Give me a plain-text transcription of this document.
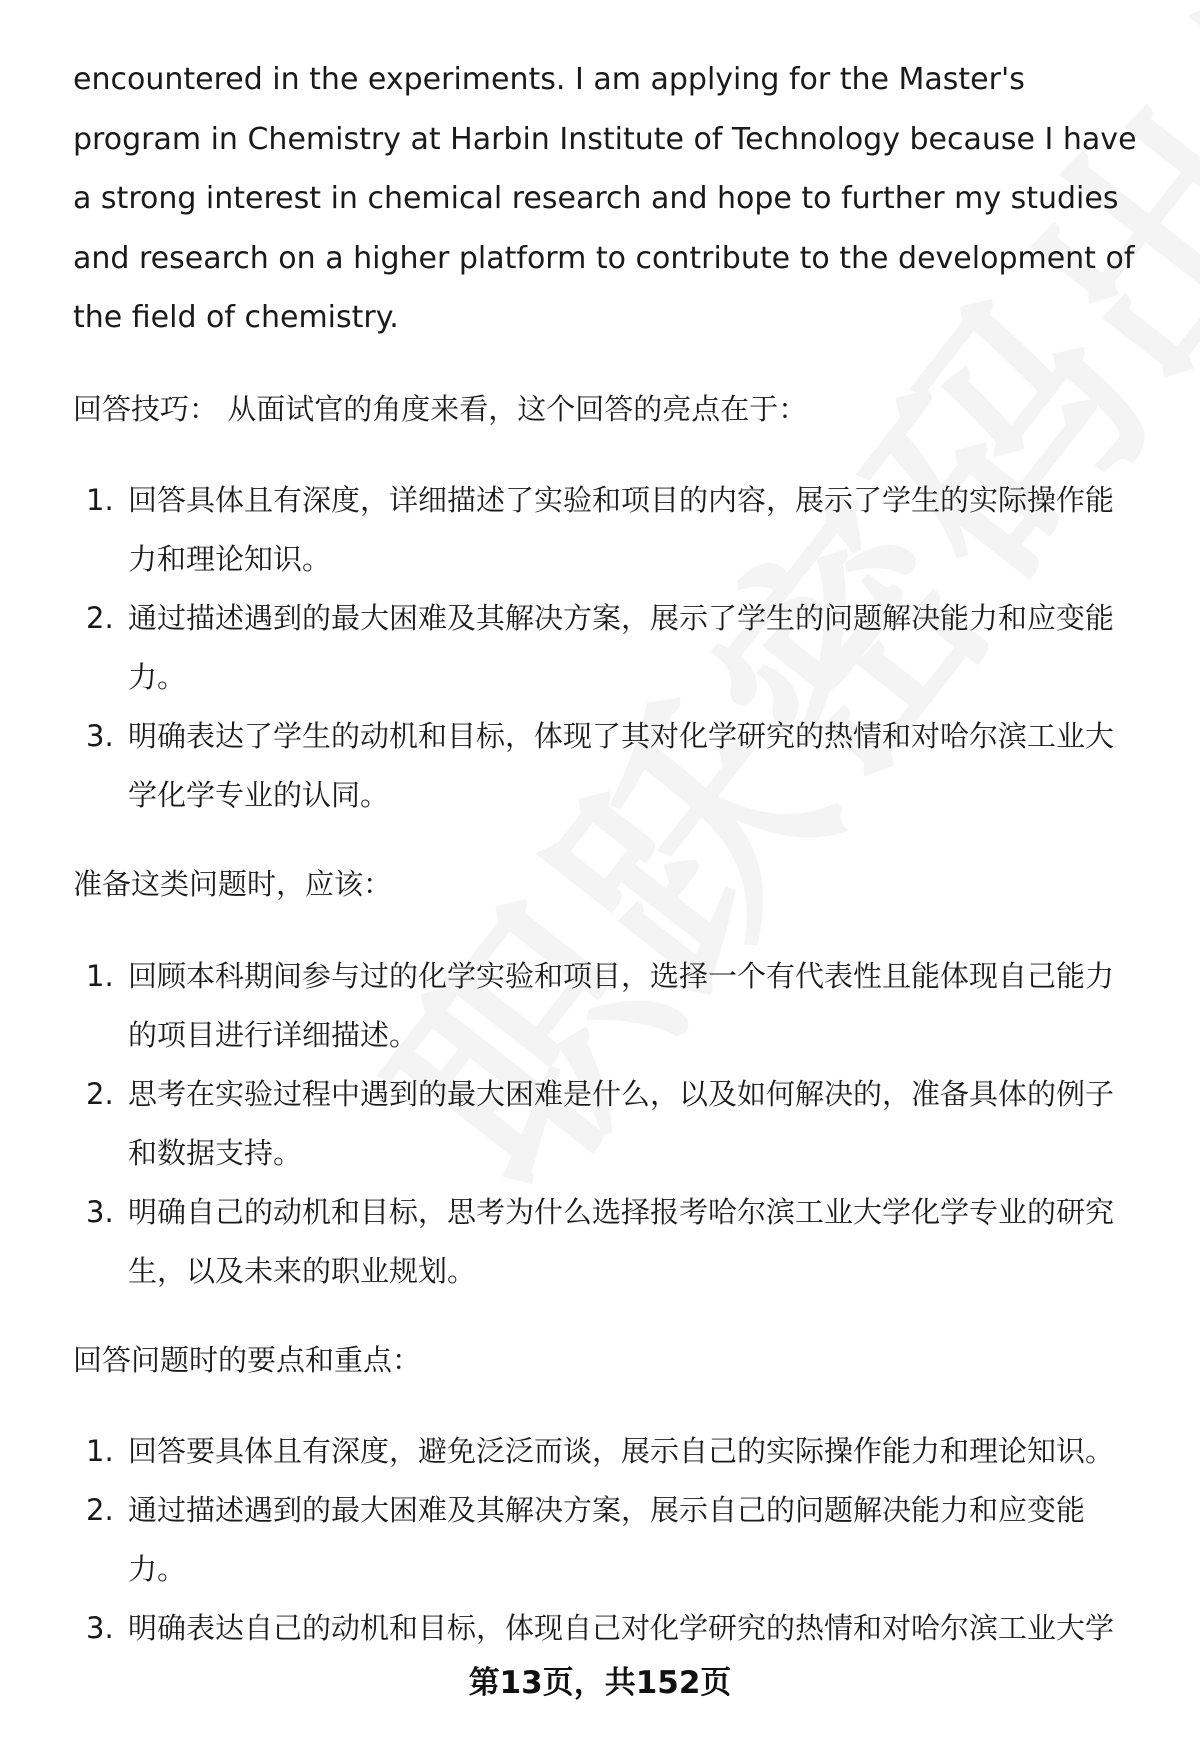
encountered in the experiments. I am applying for the Master's program in Chemistry at Harbin Institute of Technology because I have a strong interest in chemical research and hope to further my studies and research on a higher platform to contribute to the development of the field of chemistry.

回答技巧： 从面试官的角度来看，这个回答的亮点在于：

1. 回答具体且有深度，详细描述了实验和项目的内容，展示了学生的实际操作能力和理论知识。
2. 通过描述遇到的最大困难及其解决方案，展示了学生的问题解决能力和应变能力。
3. 明确表达了学生的动机和目标，体现了其对化学研究的热情和对哈尔滨工业大学化学专业的认同。

准备这类问题时，应该：

1. 回顾本科期间参与过的化学实验和项目，选择一个有代表性且能体现自己能力的项目进行详细描述。
2. 思考在实验过程中遇到的最大困难是什么，以及如何解决的，准备具体的例子和数据支持。
3. 明确自己的动机和目标，思考为什么选择报考哈尔滨工业大学化学专业的研究生，以及未来的职业规划。

回答问题时的要点和重点：

1. 回答要具体且有深度，避免泛泛而谈，展示自己的实际操作能力和理论知识。
2. 通过描述遇到的最大困难及其解决方案，展示自己的问题解决能力和应变能力。
3. 明确表达自己的动机和目标，体现自己对化学研究的热情和对哈尔滨工业大学
第13页，共152页
